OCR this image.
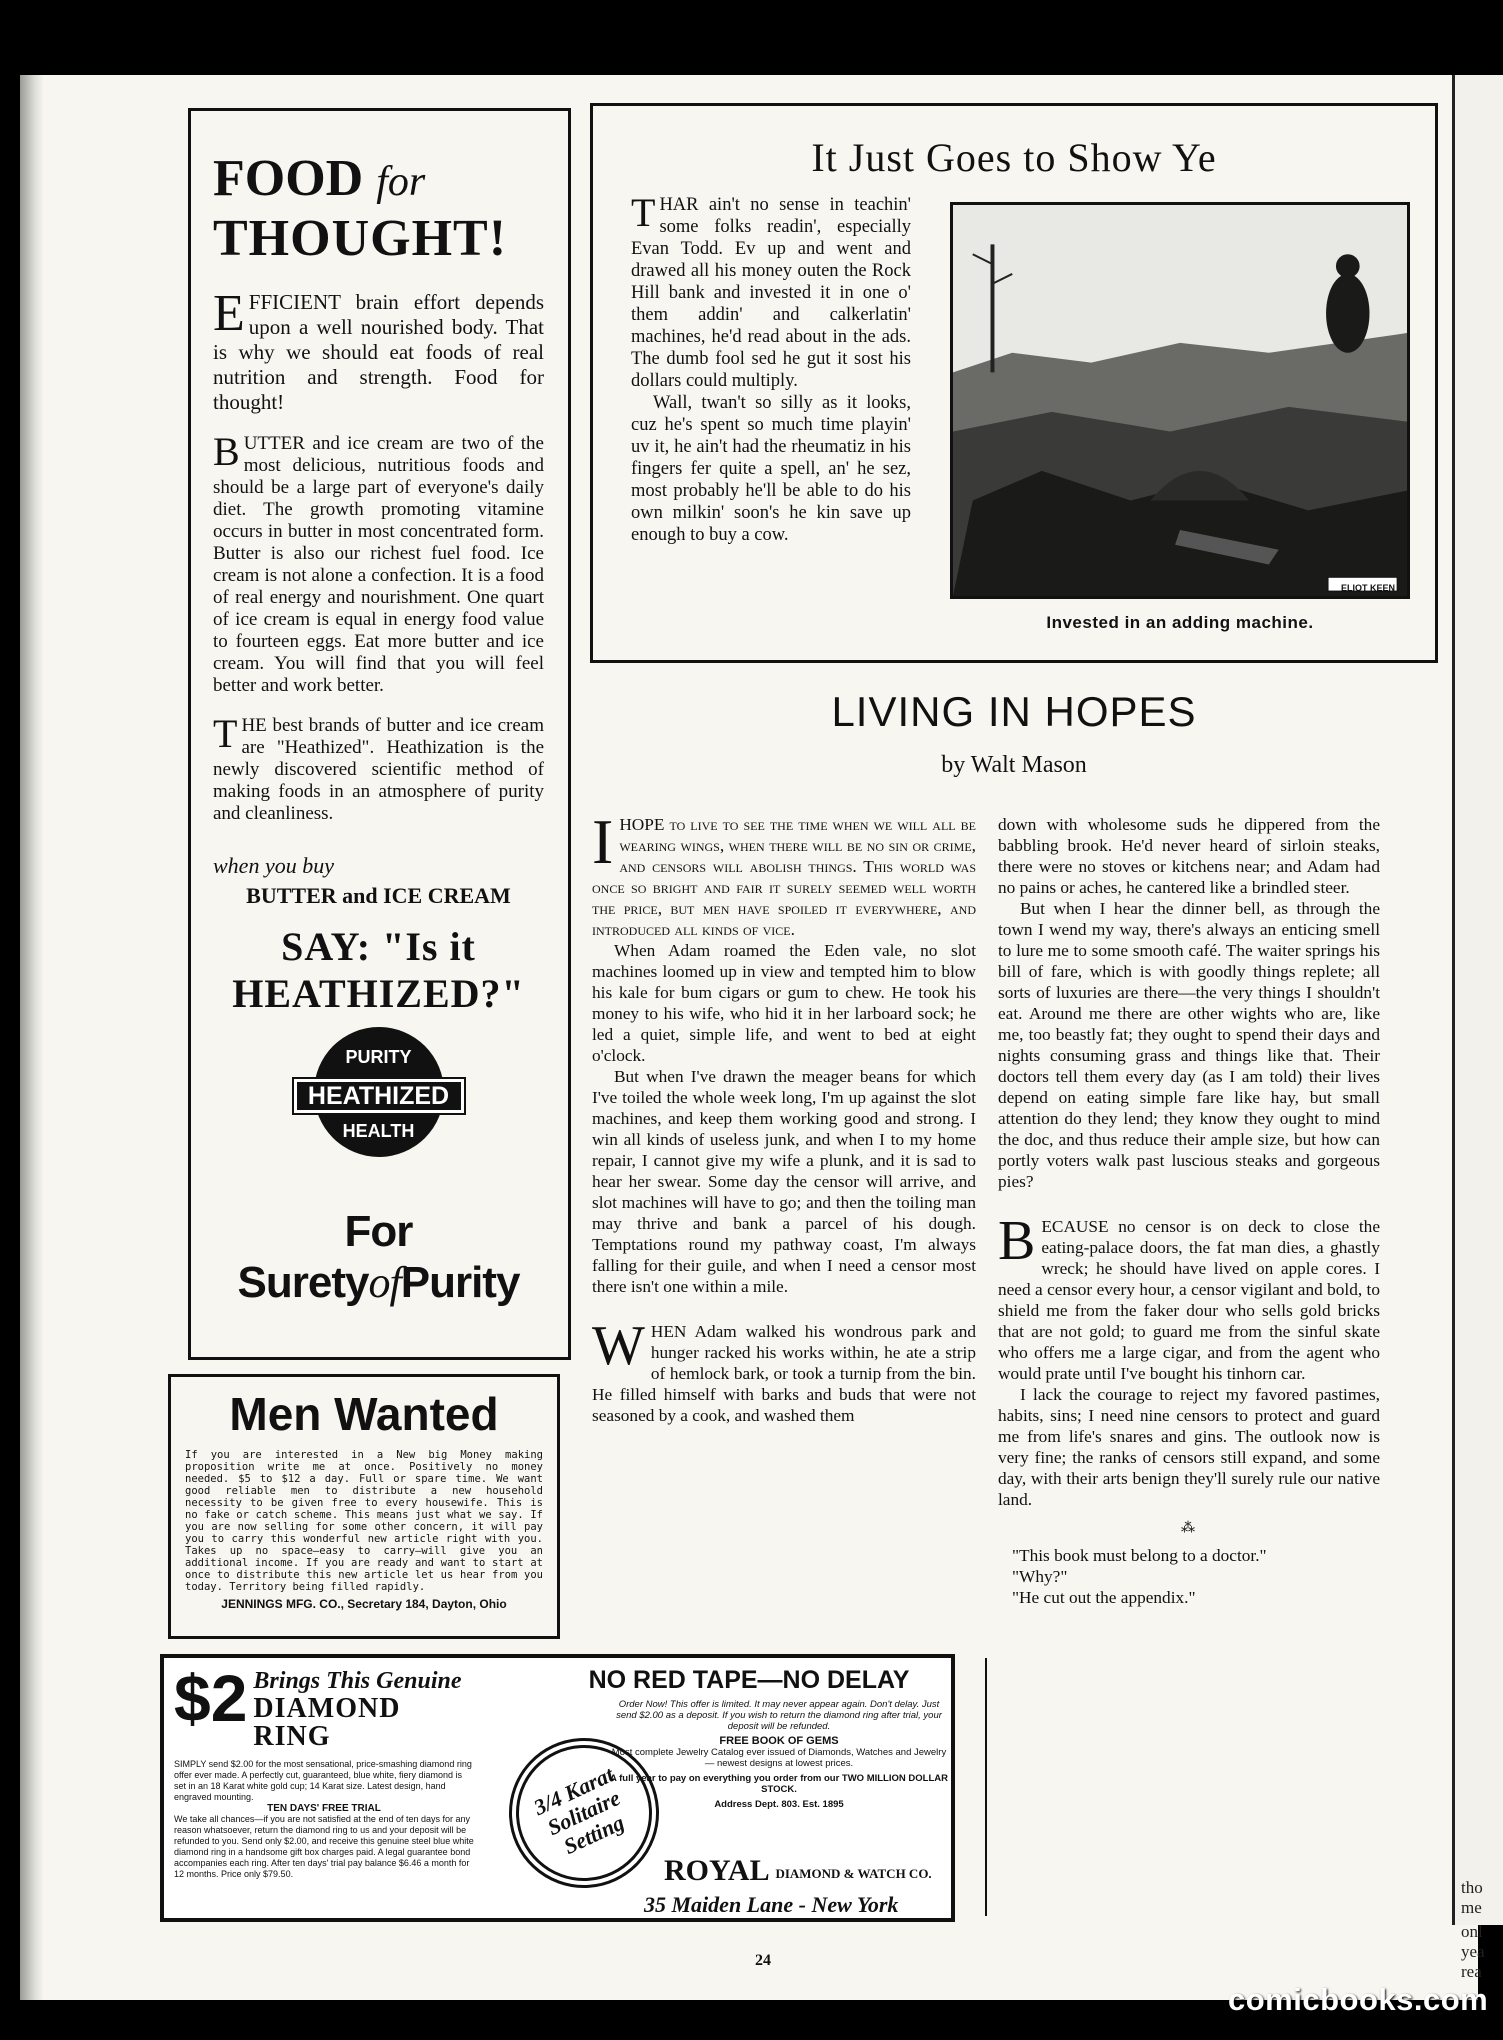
tho
me
onl
yea
rea

FOOD for

THOUGHT!

EFFICIENT brain effort depends upon a well nourished body. That is why we should eat foods of real nutrition and strength. Food for thought!

BUTTER and ice cream are two of the most delicious, nutritious foods and should be a large part of everyone's daily diet. The growth promoting vitamine occurs in butter in most concentrated form. Butter is also our richest fuel food. Ice cream is not alone a confection. It is a food of real energy and nourishment. One quart of ice cream is equal in energy food value to fourteen eggs. Eat more butter and ice cream. You will find that you will feel better and work better.

THE best brands of butter and ice cream are "Heathized". Heathization is the newly discovered scientific method of making foods in an atmosphere of purity and cleanliness.

when you buy

BUTTER and ICE CREAM

SAY: "Is it HEATHIZED?"

PURITY
HEATHIZED
HEALTH
For SuretyofPurity

Men Wanted

If you are interested in a New big Money making proposition write me at once. Positively no money needed. $5 to $12 a day. Full or spare time. We want good reliable men to distribute a new household necessity to be given free to every housewife. This is no fake or catch scheme. This means just what we say. If you are now selling for some other concern, it will pay you to carry this wonderful new article right with you. Takes up no space—easy to carry—will give you an additional income. If you are ready and want to start at once to distribute this new article let us hear from you today. Territory being filled rapidly.
JENNINGS MFG. CO., Secretary 184, Dayton, Ohio
$2 Brings This Genuine
DIAMOND RING
SIMPLY send $2.00 for the most sensational, price-smashing diamond ring offer ever made. A perfectly cut, guaranteed, blue white, fiery diamond is set in an 18 Karat white gold cup; 14 Karat size. Latest design, hand engraved mounting.
TEN DAYS' FREE TRIAL
We take all chances—if you are not satisfied at the end of ten days for any reason whatsoever, return the diamond ring to us and your deposit will be refunded to you. Send only $2.00, and receive this genuine steel blue white diamond ring in a handsome gift box charges paid. A legal guarantee bond accompanies each ring. After ten days' trial pay balance $6.46 a month for 12 months. Price only $79.50.
3/4 Karat Solitaire Setting

NO RED TAPE—NO DELAY

Order Now! This offer is limited. It may never appear again. Don't delay. Just send $2.00 as a deposit. If you wish to return the diamond ring after trial, your deposit will be refunded.
FREE BOOK OF GEMS
Most complete Jewelry Catalog ever issued of Diamonds, Watches and Jewelry — newest designs at lowest prices.
A full year to pay on everything you order from our TWO MILLION DOLLAR STOCK.
Address Dept. 803. Est. 1895
ROYAL DIAMOND & WATCH CO.
35 Maiden Lane - New York
It Just Goes to Show Ye

THAR ain't no sense in teachin' some folks readin', especially Evan Todd. Ev up and went and drawed all his money outen the Rock Hill bank and invested it in one o' them addin' and calkerlatin' machines, he'd read about in the ads. The dumb fool sed he gut it sost his dollars could multiply.

Wall, twan't so silly as it looks, cuz he's spent so much time playin' uv it, he ain't had the rheumatiz in his fingers fer quite a spell, an' he sez, most probably he'll be able to do his own milkin' soon's he kin save up enough to buy a cow.

ELIOT KEEN
Invested in an adding machine.
LIVING IN HOPES
by Walt Mason

IHOPE to live to see the time when we will all be wearing wings, when there will be no sin or crime, and censors will abolish things. This world was once so bright and fair it surely seemed well worth the price, but men have spoiled it everywhere, and introduced all kinds of vice.

When Adam roamed the Eden vale, no slot machines loomed up in view and tempted him to blow his kale for bum cigars or gum to chew. He took his money to his wife, who hid it in her larboard sock; he led a quiet, simple life, and went to bed at eight o'clock.

But when I've drawn the meager beans for which I've toiled the whole week long, I'm up against the slot machines, and keep them working good and strong. I win all kinds of useless junk, and when I to my home repair, I cannot give my wife a plunk, and it is sad to hear her swear. Some day the censor will arrive, and slot machines will have to go; and then the toiling man may thrive and bank a parcel of his dough. Temptations round my pathway coast, I'm always falling for their guile, and when I need a censor most there isn't one within a mile.

WHEN Adam walked his wondrous park and hunger racked his works within, he ate a strip of hemlock bark, or took a turnip from the bin. He filled himself with barks and buds that were not seasoned by a cook, and washed them

down with wholesome suds he dippered from the babbling brook. He'd never heard of sirloin steaks, there were no stoves or kitchens near; and Adam had no pains or aches, he cantered like a brindled steer.

But when I hear the dinner bell, as through the town I wend my way, there's always an enticing smell to lure me to some smooth café. The waiter springs his bill of fare, which is with goodly things replete; all sorts of luxuries are there—the very things I shouldn't eat. Around me there are other wights who are, like me, too beastly fat; they ought to spend their days and nights consuming grass and things like that. Their doctors tell them every day (as I am told) their lives depend on eating simple fare like hay, but small attention do they lend; they know they ought to mind the doc, and thus reduce their ample size, but how can portly voters walk past luscious steaks and gorgeous pies?

BECAUSE no censor is on deck to close the eating-palace doors, the fat man dies, a ghastly wreck; he should have lived on apple cores. I need a censor every hour, a censor vigilant and bold, to shield me from the faker dour who sells gold bricks that are not gold; to guard me from the sinful skate who offers me a large cigar, and from the agent who would prate until I've bought his tinhorn car.

I lack the courage to reject my favored pastimes, habits, sins; I need nine censors to protect and guard me from life's snares and gins. The outlook now is very fine; the ranks of censors still expand, and some day, with their arts benign they'll surely rule our native land.

⁂

"This book must belong to a doctor."

"Why?"

"He cut out the appendix."

24
comicbooks.com
